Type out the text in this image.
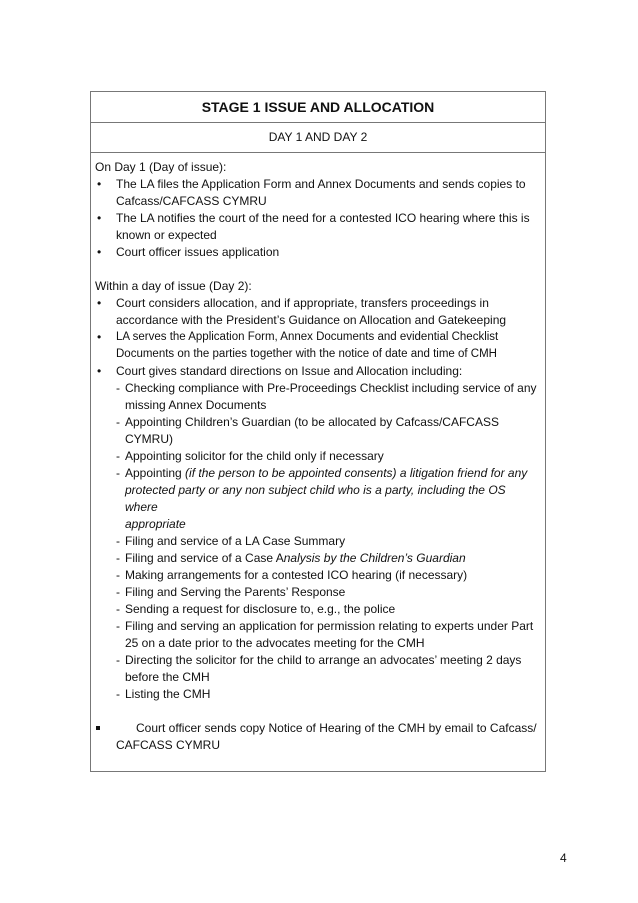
STAGE 1 ISSUE AND ALLOCATION
DAY 1 AND DAY 2

On Day 1 (Day of issue):

• The LA files the Application Form and Annex Documents and sends copies to
Cafcass/CAFCASS CYMRU
• The LA notifies the court of the need for a contested ICO hearing where this is
known or expected
• Court officer issues application

Within a day of issue (Day 2):

• Court considers allocation, and if appropriate, transfers proceedings in
accordance with the President’s Guidance on Allocation and Gatekeeping
• LA serves the Application Form, Annex Documents and evidential Checklist
Documents on the parties together with the notice of date and time of CMH
• Court gives standard directions on Issue and Allocation including:
- Checking compliance with Pre-Proceedings Checklist including service of any
missing Annex Documents
- Appointing Children’s Guardian (to be allocated by Cafcass/CAFCASS
CYMRU)
- Appointing solicitor for the child only if necessary
- Appointing (if the person to be appointed consents) a litigation friend for any
protected party or any non subject child who is a party, including the OS where
appropriate
- Filing and service of a LA Case Summary
- Filing and service of a Case Analysis by the Children’s Guardian
- Making arrangements for a contested ICO hearing (if necessary)
- Filing and Serving the Parents’ Response
- Sending a request for disclosure to, e.g., the police
- Filing and serving an application for permission relating to experts under Part
25 on a date prior to the advocates meeting for the CMH
- Directing the solicitor for the child to arrange an advocates’ meeting 2 days
before the CMH
- Listing the CMH
Court officer sends copy Notice of Hearing of the CMH by email to Cafcass/
CAFCASS CYMRU
4
